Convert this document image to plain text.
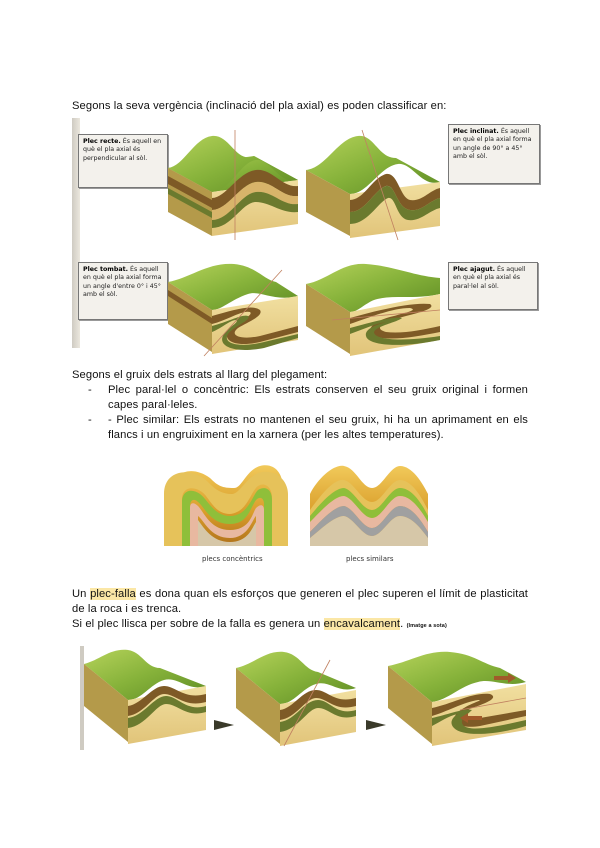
Segons la seva vergència (inclinació del pla axial) es poden classificar en:
Plec recte. És aquell en què el pla axial és perpendicular al sòl.
Plec inclinat. És aquell en què el pla axial forma un angle de 90° a 45° amb el sòl.
Plec tombat. És aquell en què el pla axial forma un angle d'entre 0° i 45° amb el sòl.
Plec ajagut. És aquell en què el pla axial és paral·lel al sòl.
Segons el gruix dels estrats al llarg del plegament:
- Plec paral·lel o concèntric: Els estrats conserven el seu gruix original i formen capes paral·leles.
- - Plec similar: Els estrats no mantenen el seu gruix, hi ha un aprimament en els flancs i un engruiximent en la xarnera (per les altes temperatures).
plecs concèntrics	plecs similars
Un plec-falla es dona quan els esforços que generen el plec superen el límit de plasticitat de la roca i es trenca.
Si el plec llisca per sobre de la falla es genera un encavalcament. (Imatge a sota)
